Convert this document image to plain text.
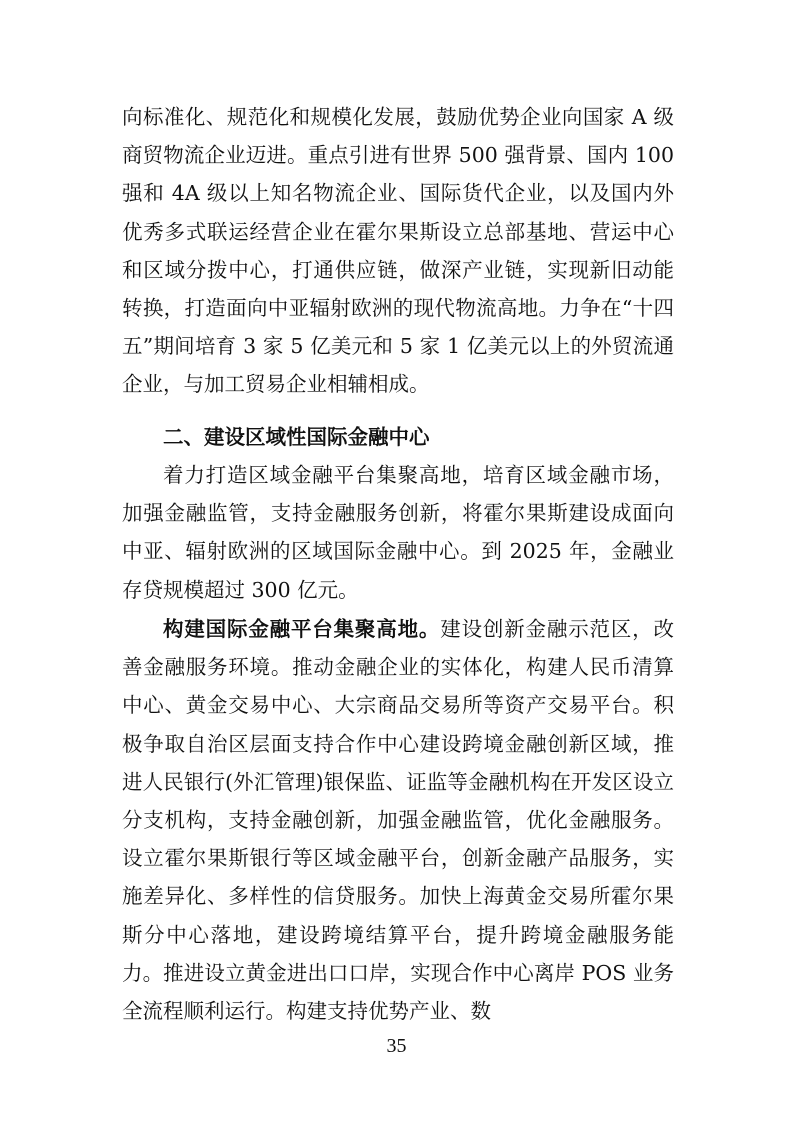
向标准化、规范化和规模化发展，鼓励优势企业向国家 A 级商贸物流企业迈进。重点引进有世界 500 强背景、国内 100 强和 4A 级以上知名物流企业、国际货代企业，以及国内外优秀多式联运经营企业在霍尔果斯设立总部基地、营运中心和区域分拨中心，打通供应链，做深产业链，实现新旧动能转换，打造面向中亚辐射欧洲的现代物流高地。力争在“十四五”期间培育 3 家 5 亿美元和 5 家 1 亿美元以上的外贸流通企业，与加工贸易企业相辅相成。

二、建设区域性国际金融中心

着力打造区域金融平台集聚高地，培育区域金融市场，加强金融监管，支持金融服务创新，将霍尔果斯建设成面向中亚、辐射欧洲的区域国际金融中心。到 2025 年，金融业存贷规模超过 300 亿元。

构建国际金融平台集聚高地。建设创新金融示范区，改善金融服务环境。推动金融企业的实体化，构建人民币清算中心、黄金交易中心、大宗商品交易所等资产交易平台。积极争取自治区层面支持合作中心建设跨境金融创新区域，推进人民银行(外汇管理)银保监、证监等金融机构在开发区设立分支机构，支持金融创新，加强金融监管，优化金融服务。设立霍尔果斯银行等区域金融平台，创新金融产品服务，实施差异化、多样性的信贷服务。加快上海黄金交易所霍尔果斯分中心落地，建设跨境结算平台，提升跨境金融服务能力。推进设立黄金进出口口岸，实现合作中心离岸 POS 业务全流程顺利运行。构建支持优势产业、数

35
